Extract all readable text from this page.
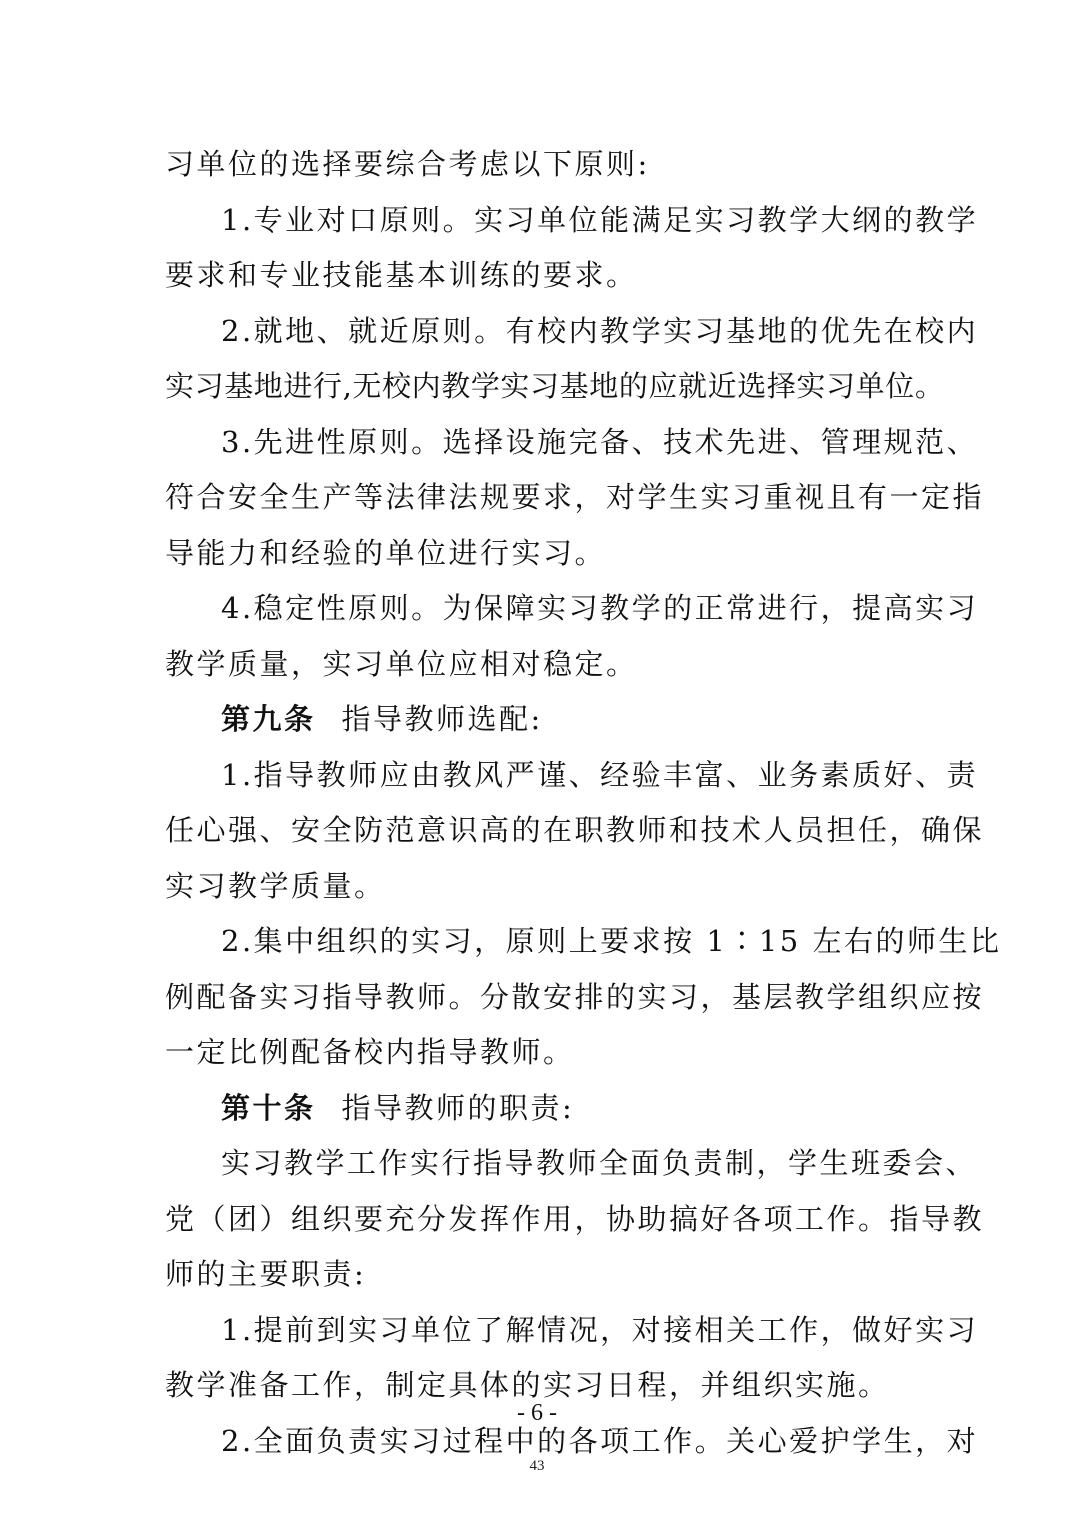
习单位的选择要综合考虑以下原则:
1.专业对口原则。实习单位能满足实习教学大纲的教学
要求和专业技能基本训练的要求。
2.就地、就近原则。有校内教学实习基地的优先在校内
实习基地进行,无校内教学实习基地的应就近选择实习单位。
3.先进性原则。选择设施完备、技术先进、管理规范、
符合安全生产等法律法规要求，对学生实习重视且有一定指
导能力和经验的单位进行实习。
4.稳定性原则。为保障实习教学的正常进行，提高实习
教学质量，实习单位应相对稳定。
第九条 指导教师选配:
1.指导教师应由教风严谨、经验丰富、业务素质好、责
任心强、安全防范意识高的在职教师和技术人员担任，确保
实习教学质量。
2.集中组织的实习，原则上要求按 1∶15 左右的师生比
例配备实习指导教师。分散安排的实习，基层教学组织应按
一定比例配备校内指导教师。
第十条 指导教师的职责:
实习教学工作实行指导教师全面负责制，学生班委会、
党（团）组织要充分发挥作用，协助搞好各项工作。指导教
师的主要职责:
1.提前到实习单位了解情况，对接相关工作，做好实习
教学准备工作，制定具体的实习日程，并组织实施。
2.全面负责实习过程中的各项工作。关心爱护学生，对
- 6 -
43
